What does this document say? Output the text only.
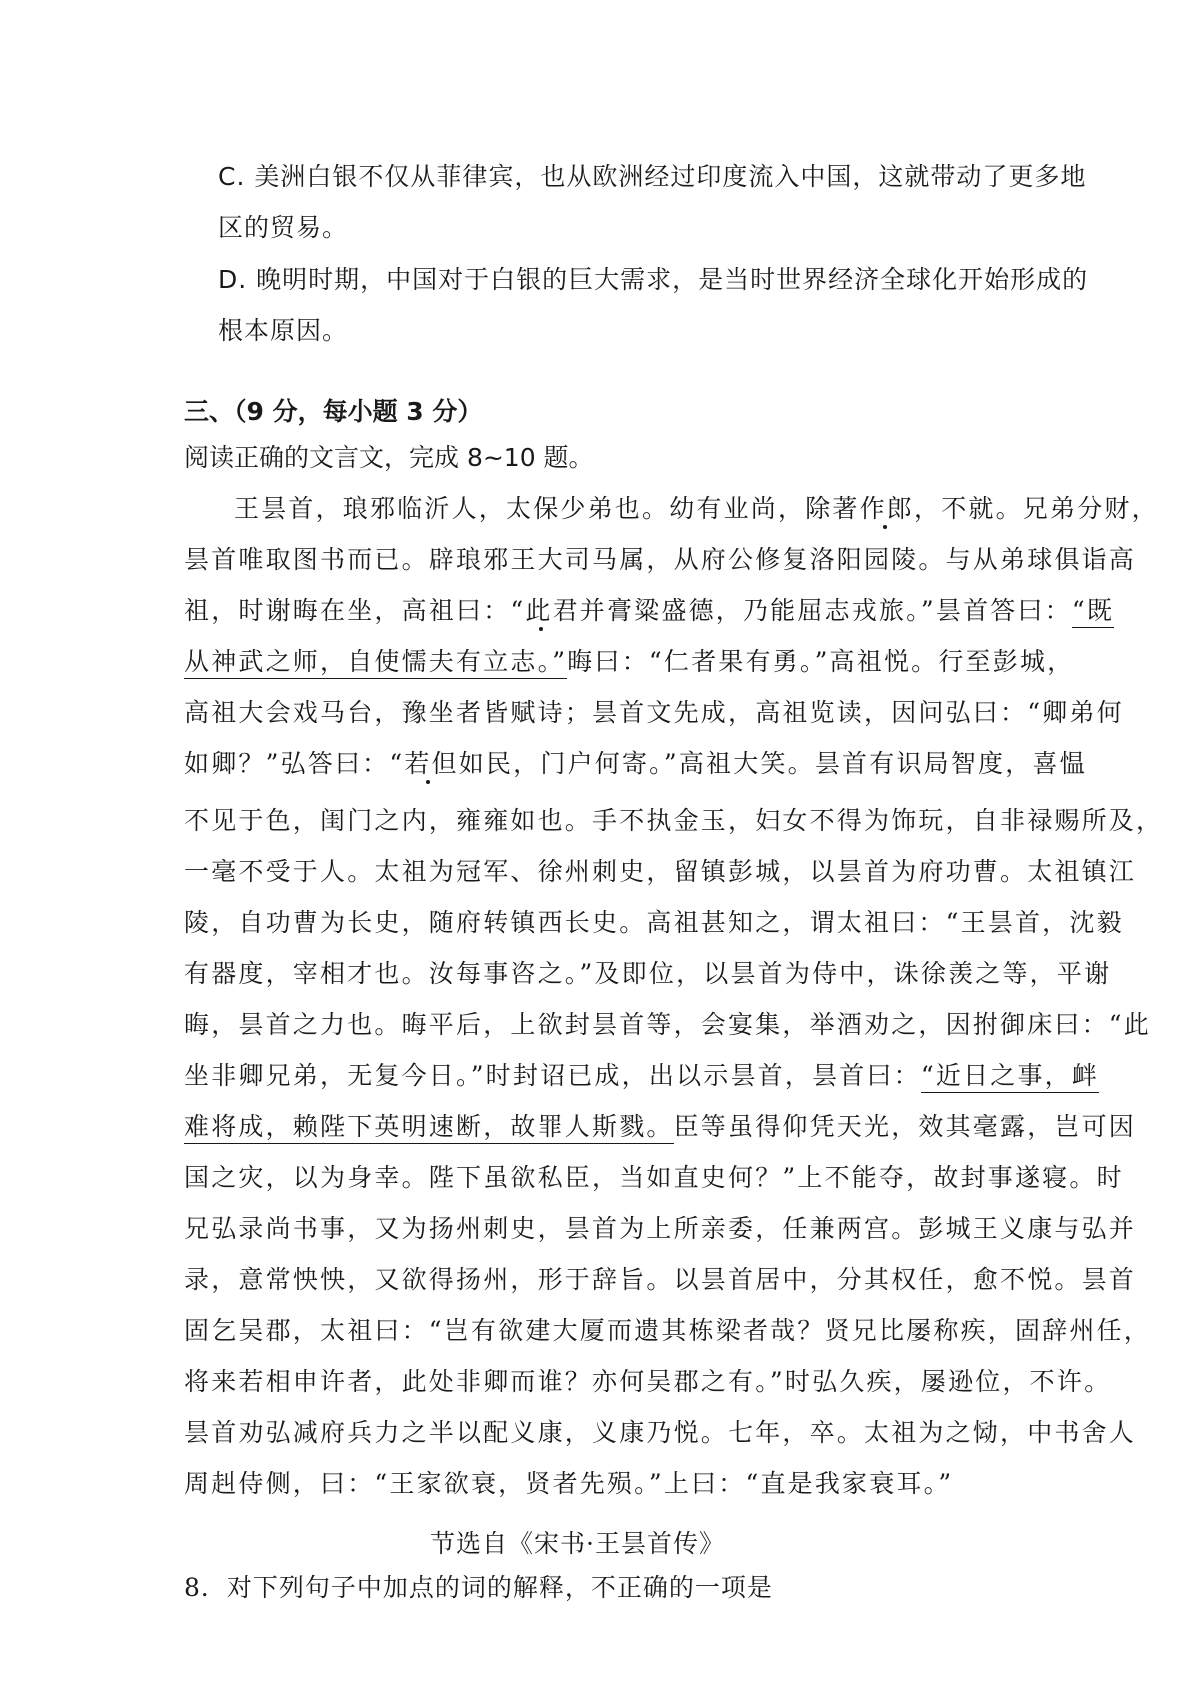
C. 美洲白银不仅从菲律宾，也从欧洲经过印度流入中国，这就带动了更多地
区的贸易。
D. 晚明时期，中国对于白银的巨大需求，是当时世界经济全球化开始形成的
根本原因。
三、（9 分，每小题 3 分）
阅读正确的文言文，完成 8~10 题。
王昙首，琅邪临沂人，太保少弟也。幼有业尚，除著作郎，不就。兄弟分财，
昙首唯取图书而已。辟琅邪王大司马属，从府公修复洛阳园陵。与从弟球俱诣高
祖，时谢晦在坐，高祖曰：“此君并膏粱盛德，乃能屈志戎旅。”昙首答曰：“既
从神武之师，自使懦夫有立志。”晦曰：“仁者果有勇。”高祖悦。行至彭城，
高祖大会戏马台，豫坐者皆赋诗；昙首文先成，高祖览读，因问弘曰：“卿弟何
如卿？”弘答曰：“若但如民，门户何寄。”高祖大笑。昙首有识局智度，喜愠
不见于色，闺门之内，雍雍如也。手不执金玉，妇女不得为饰玩，自非禄赐所及，
一毫不受于人。太祖为冠军、徐州刺史，留镇彭城，以昙首为府功曹。太祖镇江
陵，自功曹为长史，随府转镇西长史。高祖甚知之，谓太祖曰：“王昙首，沈毅
有器度，宰相才也。汝每事咨之。”及即位，以昙首为侍中，诛徐羡之等，平谢
晦，昙首之力也。晦平后，上欲封昙首等，会宴集，举酒劝之，因拊御床曰：“此
坐非卿兄弟，无复今日。”时封诏已成，出以示昙首，昙首曰：“近日之事，衅
难将成，赖陛下英明速断，故罪人斯戮。臣等虽得仰凭天光，效其毫露，岂可因
国之灾，以为身幸。陛下虽欲私臣，当如直史何？”上不能夺，故封事遂寝。时
兄弘录尚书事，又为扬州刺史，昙首为上所亲委，任兼两宫。彭城王义康与弘并
录，意常怏怏，又欲得扬州，形于辞旨。以昙首居中，分其权任，愈不悦。昙首
固乞吴郡，太祖曰：“岂有欲建大厦而遗其栋梁者哉？贤兄比屡称疾，固辞州任，
将来若相申许者，此处非卿而谁？亦何吴郡之有。”时弘久疾，屡逊位，不许。
昙首劝弘减府兵力之半以配义康，义康乃悦。七年，卒。太祖为之恸，中书舍人
周赳侍侧，曰：“王家欲衰，贤者先殒。”上曰：“直是我家衰耳。”
节选自《宋书·王昙首传》
8．对下列句子中加点的词的解释，不正确的一项是
